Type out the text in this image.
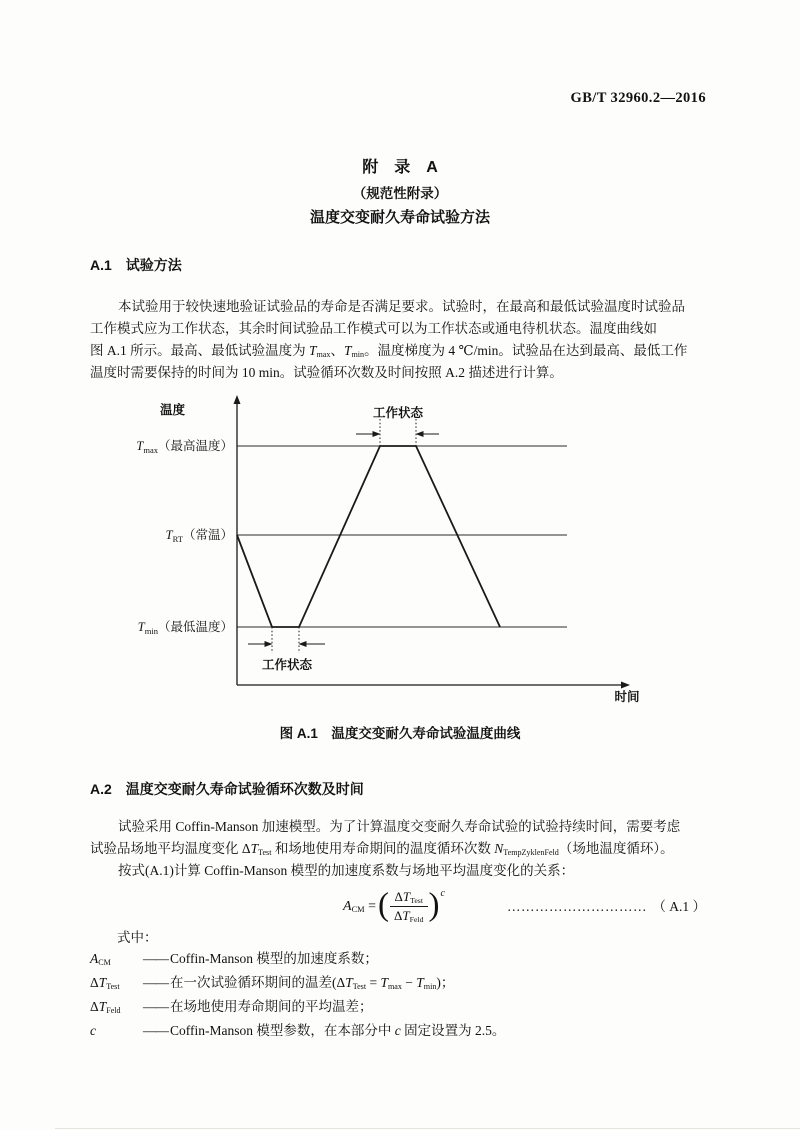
GB/T 32960.2—2016
附　录　A
（规范性附录）
温度交变耐久寿命试验方法
A.1　试验方法
本试验用于较快速地验证试验品的寿命是否满足要求。试验时，在最高和最低试验温度时试验品
工作模式应为工作状态，其余时间试验品工作模式可以为工作状态或通电待机状态。温度曲线如
图 A.1 所示。最高、最低试验温度为 $T_{max}$、$T_{min}$。温度梯度为 4 ℃/min。试验品在达到最高、最低工作
温度时需要保持的时间为 10 min。试验循环次数及时间按照 A.2 描述进行计算。
工作状态
工作状态
温度
时间
$T_{max}$（最高温度）
$T_{RT}$（常温）
$T_{min}$（最低温度）
图 A.1　温度交变耐久寿命试验温度曲线
A.2　温度交变耐久寿命试验循环次数及时间
试验采用 Coffin-Manson 加速模型。为了计算温度交变耐久寿命试验的试验持续时间，需要考虑
试验品场地平均温度变化 $\Delta T_{Test}$ 和场地使用寿命期间的温度循环次数 $N_{TempZyklenFeld}$（场地温度循环）。
按式(A.1)计算 Coffin-Manson 模型的加速度系数与场地平均温度变化的关系：
$A_{CM}$ = ( $\frac{\Delta T_{Test}}{\Delta T_{Feld}}$ ) c
………………………… （ A.1 ）
式中：
$A_{CM}$	—— Coffin-Manson 模型的加速度系数；
$\Delta T_{Test}$	—— 在一次试验循环期间的温差$(\Delta T_{Test} = T_{max} - T_{min})$；
$\Delta T_{Feld}$	—— 在场地使用寿命期间的平均温差；
c	—— Coffin-Manson 模型参数，在本部分中 c 固定设置为 2.5。
